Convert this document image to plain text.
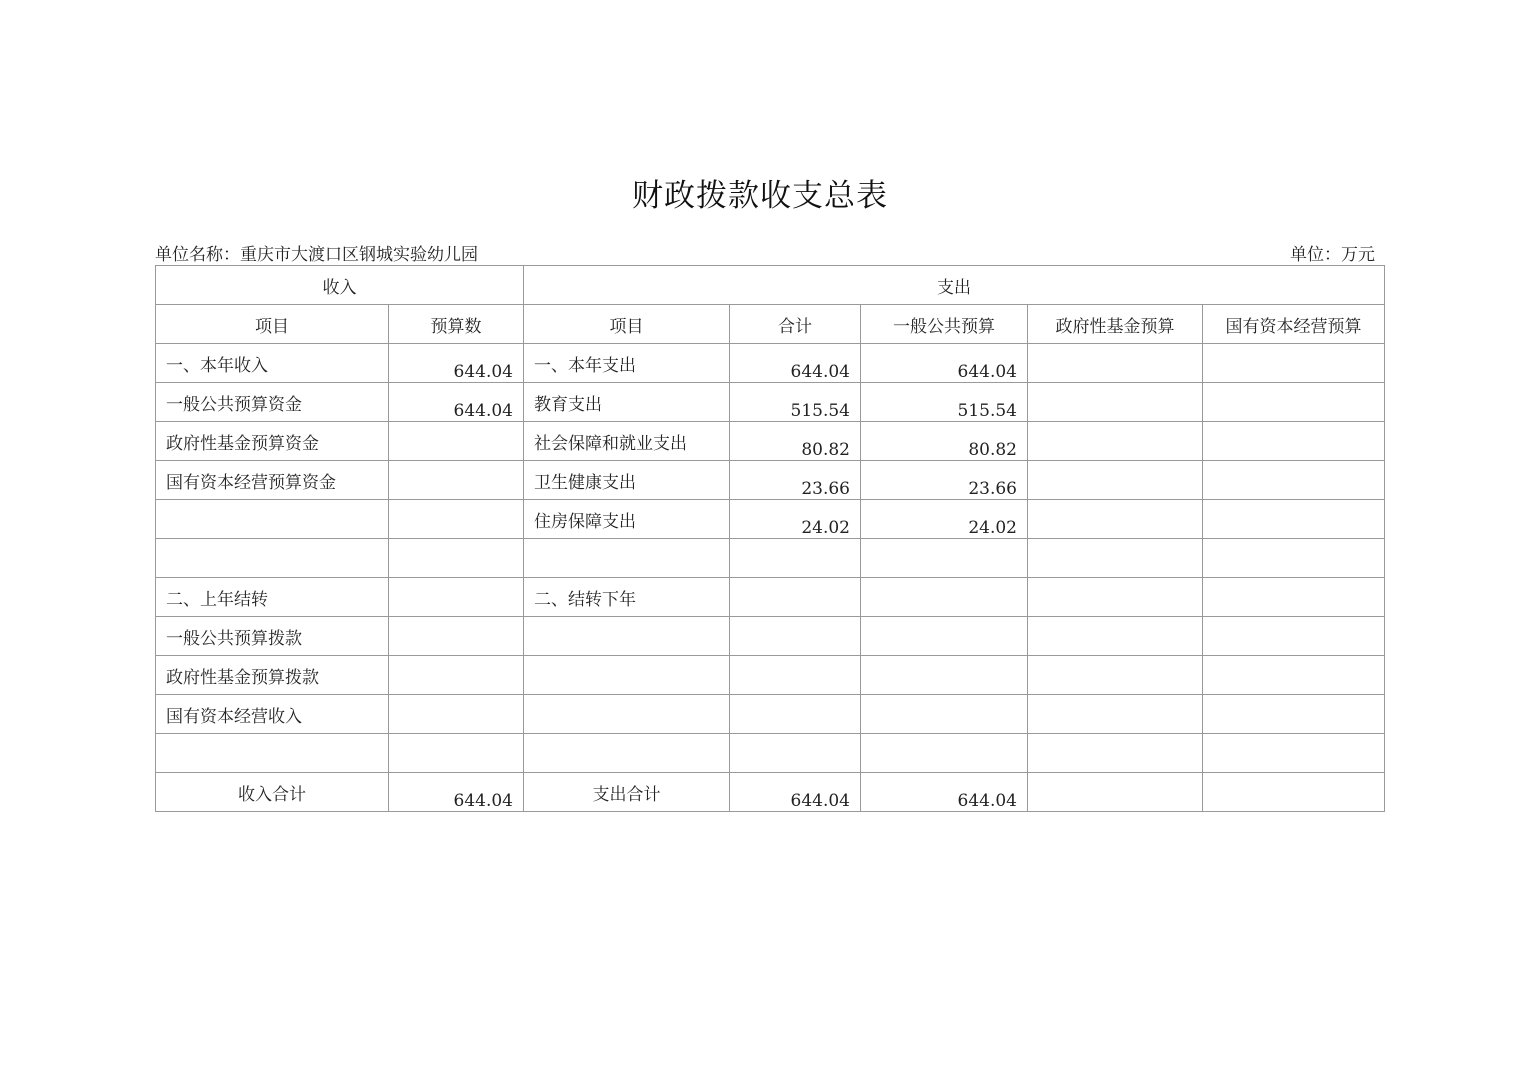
财政拨款收支总表
单位名称：重庆市大渡口区钢城实验幼儿园	单位：万元
收入		支出				
项目	预算数	项目	合计	一般公共预算	政府性基金预算	国有资本经营预算
一、本年收入	644.04	一、本年支出	644.04	644.04		
一般公共预算资金	644.04	教育支出	515.54	515.54		
政府性基金预算资金		社会保障和就业支出	80.82	80.82		
国有资本经营预算资金		卫生健康支出	23.66	23.66		
		住房保障支出	24.02	24.02		

二、上年结转		二、结转下年				
一般公共预算拨款						
政府性基金预算拨款						
国有资本经营收入						

收入合计	644.04	支出合计	644.04	644.04		
